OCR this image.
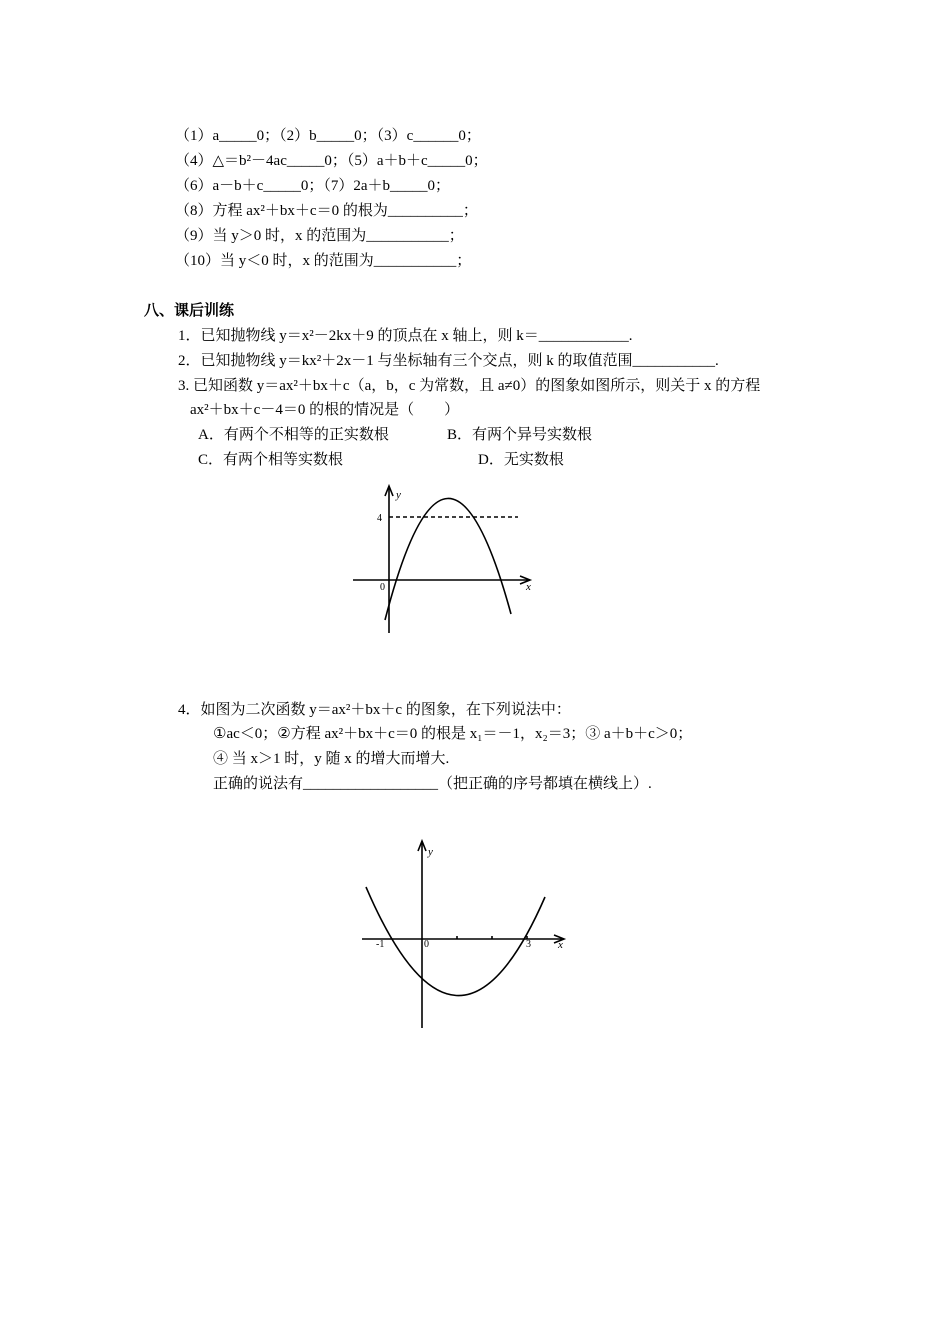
（1）a_____0；（2）b_____0；（3）c______0；
（4）△＝b²－4ac_____0；（5）a＋b＋c_____0；
（6）a－b＋c_____0；（7）2a＋b_____0；
（8）方程 ax²＋bx＋c＝0 的根为__________；
（9）当 y＞0 时，x 的范围为___________；
（10）当 y＜0 时，x 的范围为___________；
八、课后训练
1．已知抛物线 y＝x²－2kx＋9 的顶点在 x 轴上，则 k＝____________.
2．已知抛物线 y＝kx²＋2x－1 与坐标轴有三个交点，则 k 的取值范围___________.
3. 已知函数 y＝ax²＋bx＋c（a，b，c 为常数，且 a≠0）的图象如图所示，则关于 x 的方程
ax²＋bx＋c－4＝0 的根的情况是（　　）
A．有两个不相等的正实数根	B．有两个异号实数根
C．有两个相等实数根	D．无实数根
y
x
0
4
4．如图为二次函数 y＝ax²＋bx＋c 的图象，在下列说法中：
①ac＜0；②方程 ax²＋bx＋c＝0 的根是 x₁＝－1，x₂＝3；③ a＋b＋c＞0；
④ 当 x＞1 时，y 随 x 的增大而增大.
正确的说法有__________________（把正确的序号都填在横线上）.
y
x
0
-1	3
